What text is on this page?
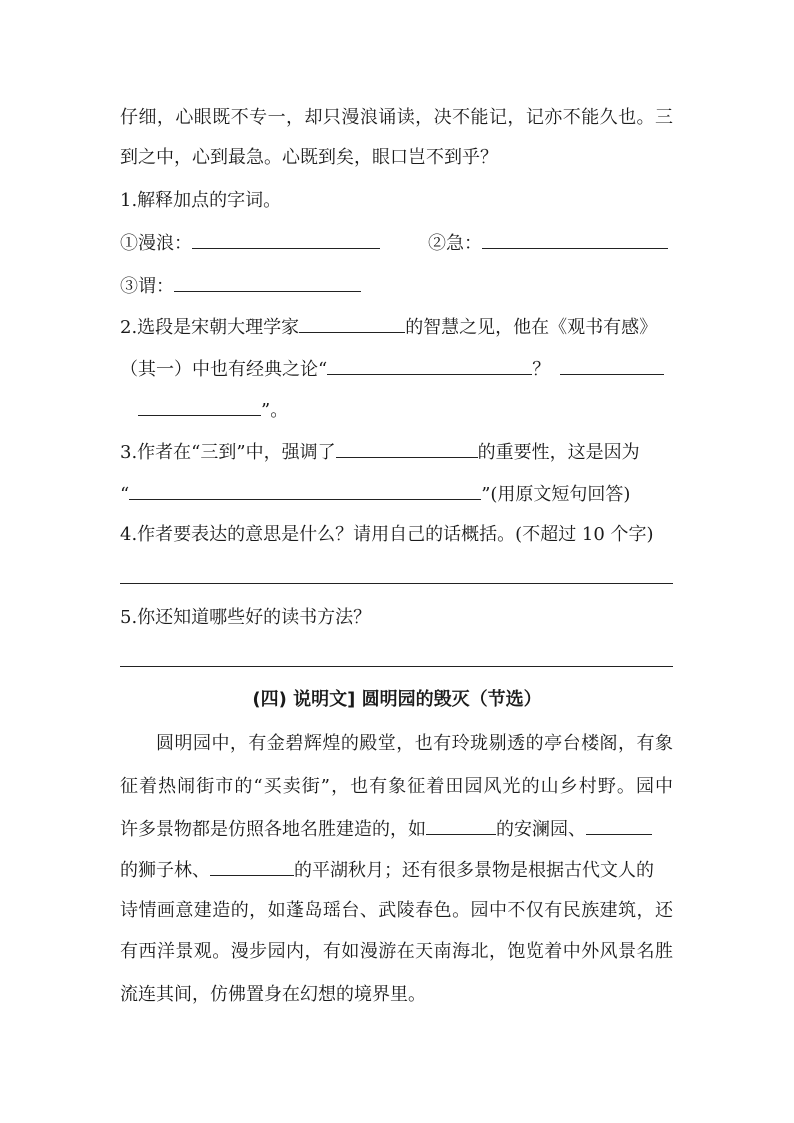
仔细，心眼既不专一，却只漫浪诵读，决不能记，记亦不能久也。三
到之中，心到最急。心既到矣，眼口岂不到乎？
1.解释加点的字词。
①漫浪：	②急：
③谓：
2.选段是宋朝大理学家	的智慧之见，他在《观书有感》
（其一）中也有经典之论“	？
”。
3.作者在“三到”中，强调了	的重要性，这是因为
“	”(用原文短句回答)
4.作者要表达的意思是什么？请用自己的话概括。(不超过 10 个字)
5.你还知道哪些好的读书方法？
(四) 说明文] 圆明园的毁灭（节选）
圆明园中，有金碧辉煌的殿堂，也有玲珑剔透的亭台楼阁，有象
征着热闹街市的“买卖街”，也有象征着田园风光的山乡村野。园中
许多景物都是仿照各地名胜建造的，如	的安澜园、
的狮子林、	的平湖秋月；还有很多景物是根据古代文人的
诗情画意建造的，如蓬岛瑶台、武陵春色。园中不仅有民族建筑，还
有西洋景观。漫步园内，有如漫游在天南海北，饱览着中外风景名胜
流连其间，仿佛置身在幻想的境界里。
